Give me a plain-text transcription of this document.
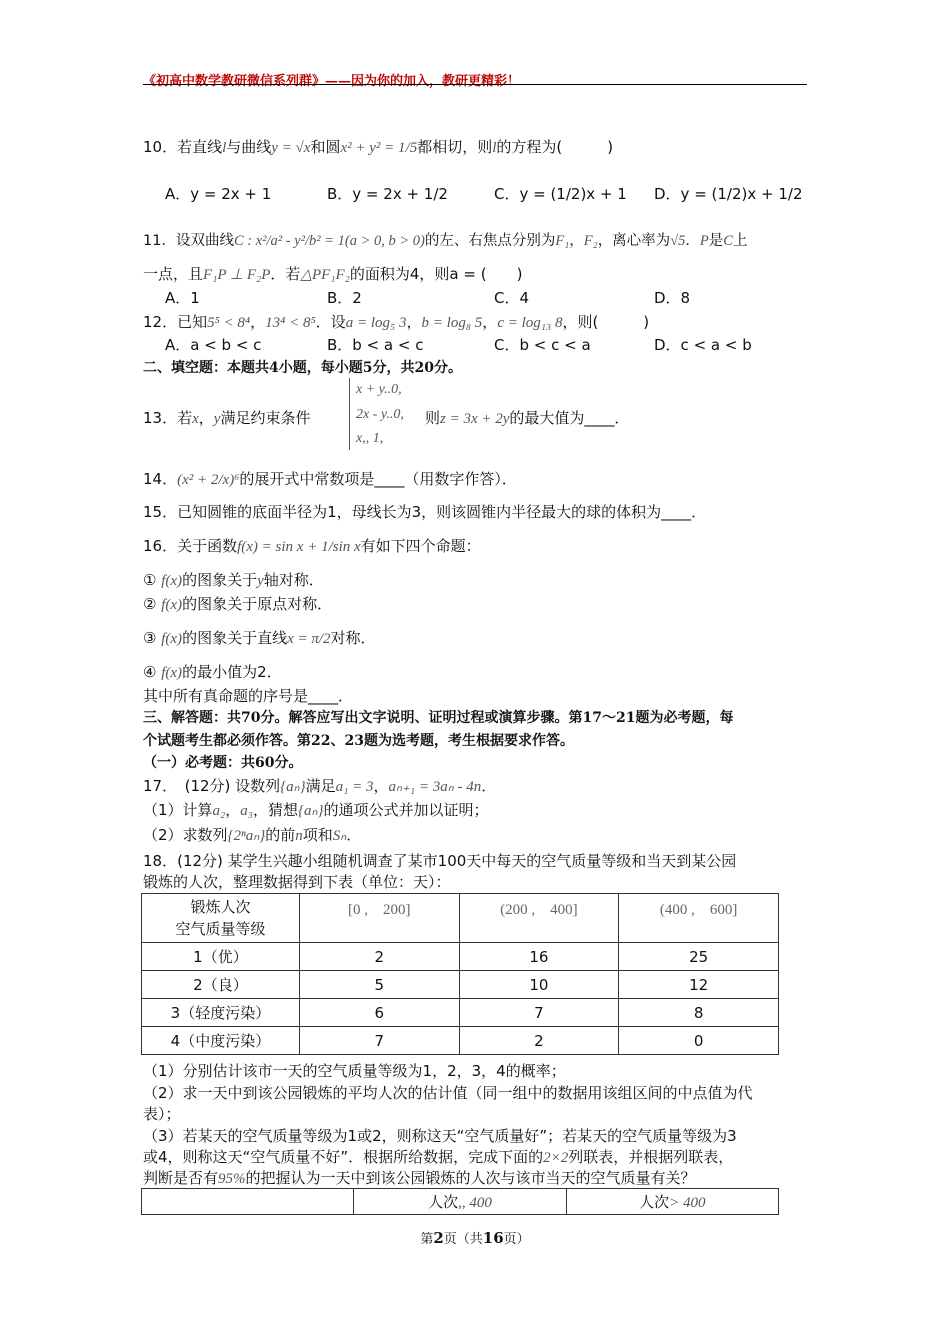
《初高中数学教研微信系列群》——因为你的加入，教研更精彩！
10．若直线l与曲线y = √x和圆x² + y² = 1/5都相切，则l的方程为(　　　)
A．y = 2x + 1	B．y = 2x + 1/2	C．y = (1/2)x + 1 D．y = (1/2)x + 1/2
11．设双曲线C : x²/a² - y²/b² = 1(a > 0, b > 0)的左、右焦点分别为F₁，F₂，离心率为√5．P是C上
一点，且F₁P ⊥ F₂P．若△PF₁F₂的面积为4，则a = (　　)
A．1	B．2	C．4	D．8
12．已知5⁵ < 8⁴，13⁴ < 8⁵．设a = log₅ 3，b = log₈ 5，c = log₁₃ 8，则(　　　)
A．a < b < c	B．b < a < c	C．b < c < a	D．c < a < b
二、填空题：本题共4小题，每小题5分，共20分。
13．若x，y满足约束条件
x + y..0,
2x - y..0,
x,, 1,
则z = 3x + 2y的最大值为____．
14．(x² + 2/x)⁶的展开式中常数项是____（用数字作答）．
15．已知圆锥的底面半径为1，母线长为3，则该圆锥内半径最大的球的体积为____．
16．关于函数f(x) = sin x + 1/sin x有如下四个命题：
① f(x)的图象关于y轴对称．
② f(x)的图象关于原点对称．
③ f(x)的图象关于直线x = π/2对称．
④ f(x)的最小值为2．
其中所有真命题的序号是____．
三、解答题：共70分。解答应写出文字说明、证明过程或演算步骤。第17～21题为必考题，每
个试题考生都必须作答。第22、23题为选考题，考生根据要求作答。
（一）必考题：共60分。
17．　(12分) 设数列{aₙ}满足a₁ = 3，aₙ₊₁ = 3aₙ - 4n．
（1）计算a₂，a₃，猜想{aₙ}的通项公式并加以证明；
（2）求数列{2ⁿaₙ}的前n项和Sₙ．
18．(12分) 某学生兴趣小组随机调查了某市100天中每天的空气质量等级和当天到某公园
锻炼的人次，整理数据得到下表（单位：天）：
锻炼人次
空气质量等级	[0 ,　200]	(200 ,　400]	(400 ,　600]
1（优）	2	16	25
2（良）	5	10	12
3（轻度污染）	6	7	8
4（中度污染）	7	2	0
（1）分别估计该市一天的空气质量等级为1，2，3，4的概率；
（2）求一天中到该公园锻炼的平均人次的估计值（同一组中的数据用该组区间的中点值为代
表）；
（3）若某天的空气质量等级为1或2，则称这天“空气质量好”；若某天的空气质量等级为3
或4，则称这天“空气质量不好”．根据所给数据，完成下面的2×2列联表，并根据列联表，
判断是否有95%的把握认为一天中到该公园锻炼的人次与该市当天的空气质量有关？
	人次,, 400	人次> 400
第2页（共16页）
